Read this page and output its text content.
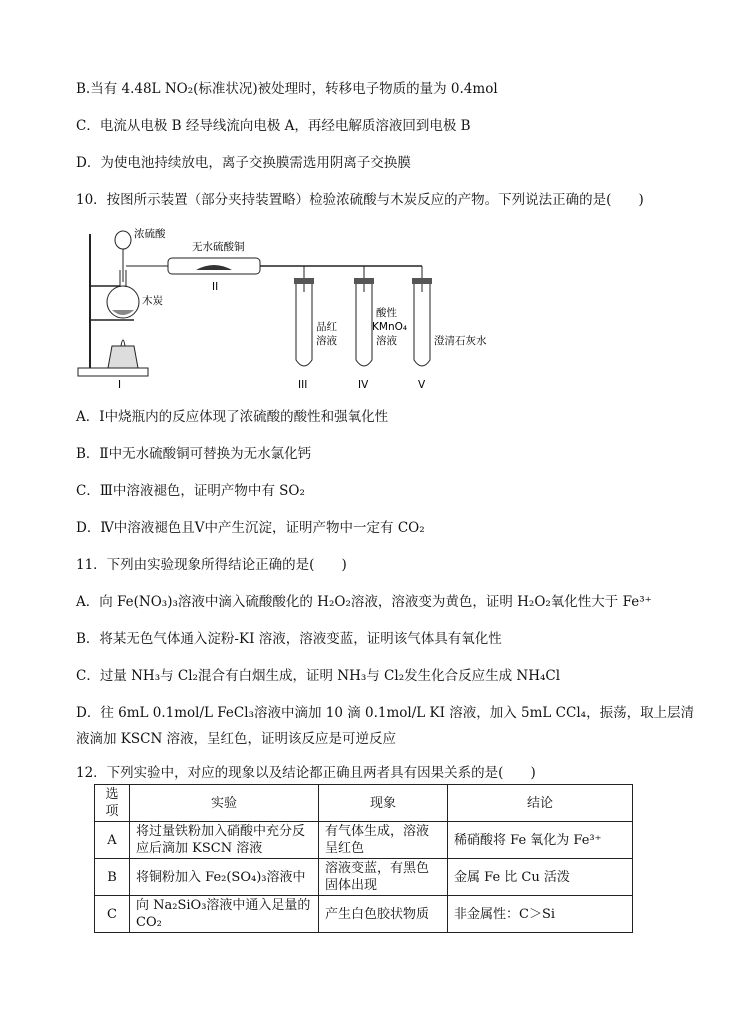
B.当有 4.48L NO₂(标准状况)被处理时，转移电子物质的量为 0.4mol
C．电流从电极 B 经导线流向电极 A，再经电解质溶液回到电极 B
D．为使电池持续放电，离子交换膜需选用阴离子交换膜
10．按图所示装置（部分夹持装置略）检验浓硫酸与木炭反应的产物。下列说法正确的是(　　)
浓硫酸
无水硫酸铜
木炭
品红
溶液
酸性
KMnO₄
溶液	澄清石灰水
I
II
III	IV	V
A．Ⅰ中烧瓶内的反应体现了浓硫酸的酸性和强氧化性
B．Ⅱ中无水硫酸铜可替换为无水氯化钙
C．Ⅲ中溶液褪色，证明产物中有 SO₂
D．Ⅳ中溶液褪色且Ⅴ中产生沉淀，证明产物中一定有 CO₂
11．下列由实验现象所得结论正确的是(　　)
A．向 Fe(NO₃)₃溶液中滴入硫酸酸化的 H₂O₂溶液，溶液变为黄色，证明 H₂O₂氧化性大于 Fe³⁺
B．将某无色气体通入淀粉-KI 溶液，溶液变蓝，证明该气体具有氧化性
C．过量 NH₃与 Cl₂混合有白烟生成，证明 NH₃与 Cl₂发生化合反应生成 NH₄Cl
D．往 6mL 0.1mol/L FeCl₃溶液中滴加 10 滴 0.1mol/L KI 溶液，加入 5mL CCl₄，振荡，取上层清
液滴加 KSCN 溶液，呈红色，证明该反应是可逆反应
12．下列实验中，对应的现象以及结论都正确且两者具有因果关系的是(　　)
选
项	实验	现象	结论
A	将过量铁粉加入硝酸中充分反应后滴加 KSCN 溶液	有气体生成，溶液呈红色	稀硝酸将 Fe 氧化为 Fe³⁺
B	将铜粉加入 Fe₂(SO₄)₃溶液中	溶液变蓝，有黑色固体出现	金属 Fe 比 Cu 活泼
C	向 Na₂SiO₃溶液中通入足量的 CO₂	产生白色胶状物质	非金属性：C＞Si
